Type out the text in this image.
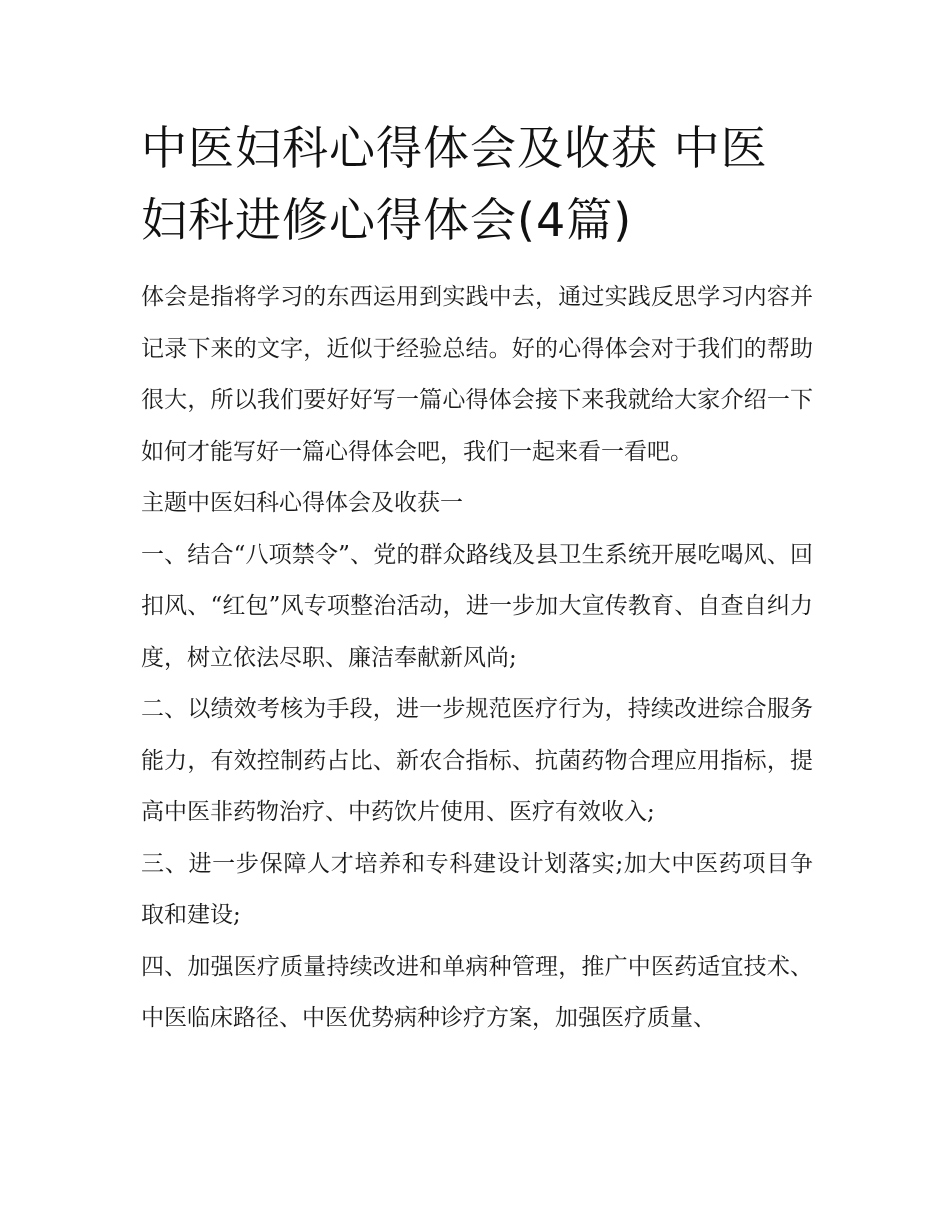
中医妇科心得体会及收获 中医妇科进修心得体会(4篇)

体会是指将学习的东西运用到实践中去，通过实践反思学习内容并记录下来的文字，近似于经验总结。好的心得体会对于我们的帮助很大，所以我们要好好写一篇心得体会接下来我就给大家介绍一下如何才能写好一篇心得体会吧，我们一起来看一看吧。

主题中医妇科心得体会及收获一

一、结合“八项禁令”、党的群众路线及县卫生系统开展吃喝风、回扣风、“红包”风专项整治活动，进一步加大宣传教育、自查自纠力度，树立依法尽职、廉洁奉献新风尚;

二、以绩效考核为手段，进一步规范医疗行为，持续改进综合服务能力，有效控制药占比、新农合指标、抗菌药物合理应用指标，提高中医非药物治疗、中药饮片使用、医疗有效收入;

三、进一步保障人才培养和专科建设计划落实;加大中医药项目争取和建设;

四、加强医疗质量持续改进和单病种管理，推广中医药适宜技术、中医临床路径、中医优势病种诊疗方案，加强医疗质量、
